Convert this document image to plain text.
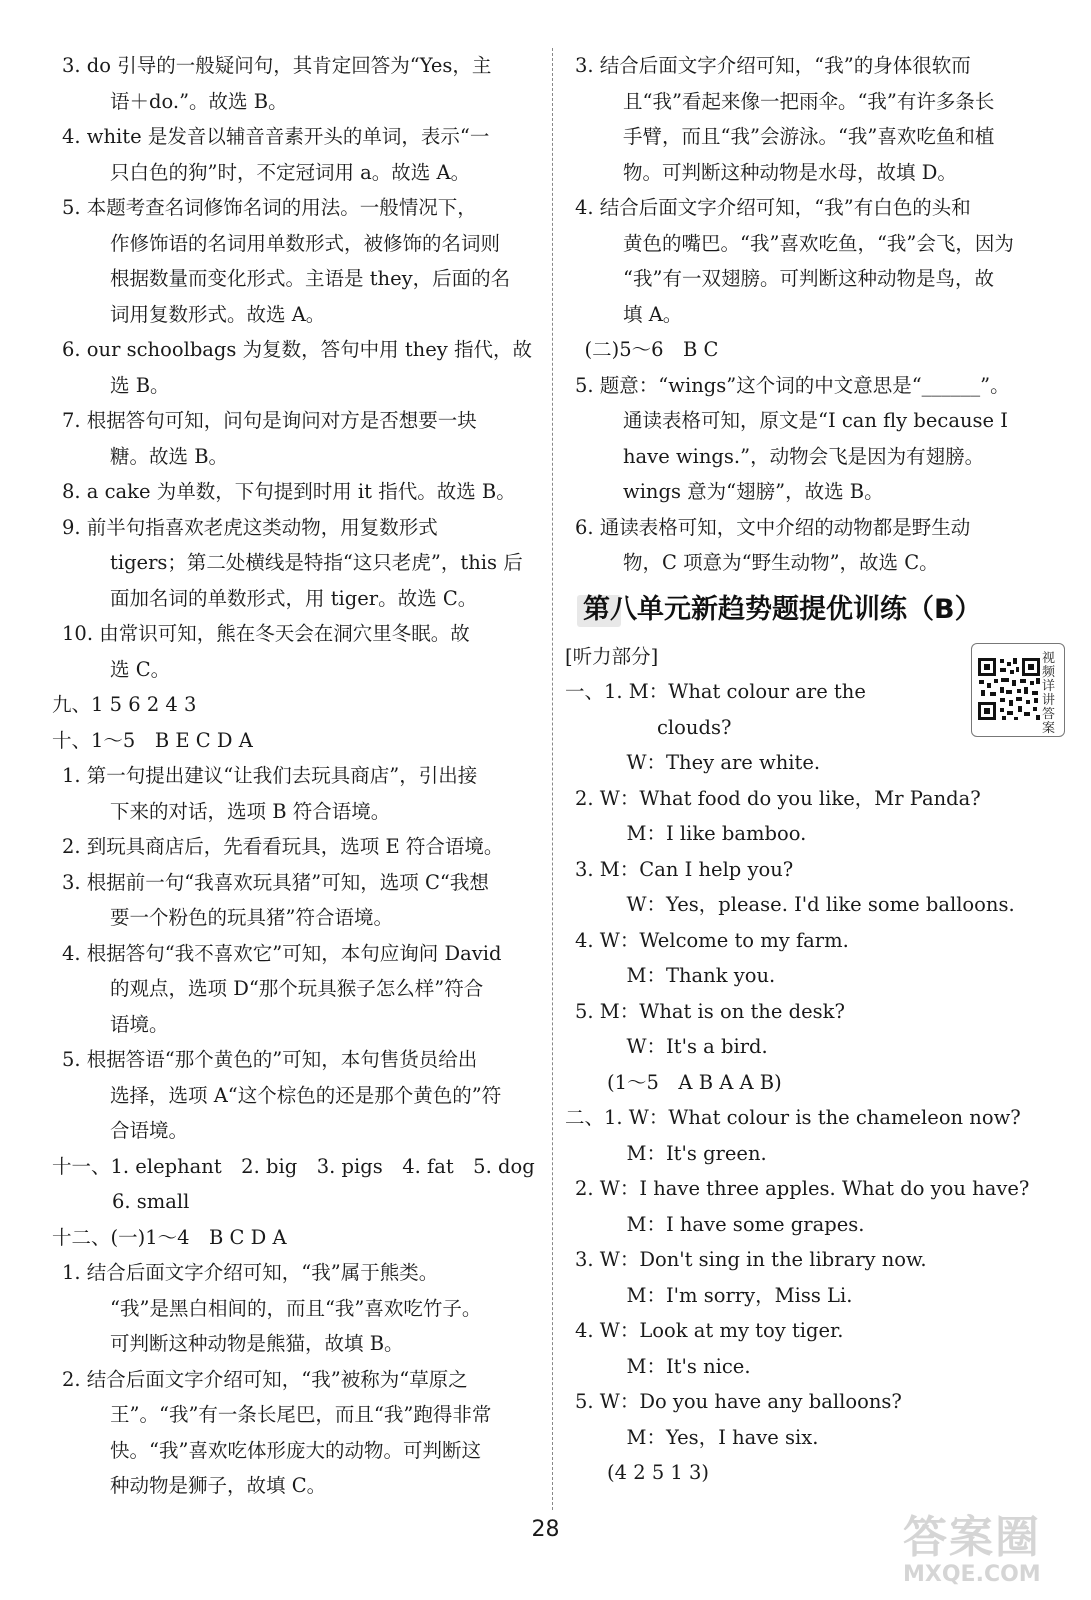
3. do 引导的一般疑问句，其肯定回答为“Yes，主
语＋do.”。故选 B。
4. white 是发音以辅音音素开头的单词，表示“一
只白色的狗”时，不定冠词用 a。故选 A。
5. 本题考查名词修饰名词的用法。一般情况下，
作修饰语的名词用单数形式，被修饰的名词则
根据数量而变化形式。主语是 they，后面的名
词用复数形式。故选 A。
6. our schoolbags 为复数，答句中用 they 指代，故
选 B。
7. 根据答句可知，问句是询问对方是否想要一块
糖。故选 B。
8. a cake 为单数，下句提到时用 it 指代。故选 B。
9. 前半句指喜欢老虎这类动物，用复数形式
tigers；第二处横线是特指“这只老虎”，this 后
面加名词的单数形式，用 tiger。故选 C。
10. 由常识可知，熊在冬天会在洞穴里冬眠。故
选 C。
九、1 5 6 2 4 3
十、1～5　B E C D A
1. 第一句提出建议“让我们去玩具商店”，引出接
下来的对话，选项 B 符合语境。
2. 到玩具商店后，先看看玩具，选项 E 符合语境。
3. 根据前一句“我喜欢玩具猪”可知，选项 C“我想
要一个粉色的玩具猪”符合语境。
4. 根据答句“我不喜欢它”可知，本句应询问 David
的观点，选项 D“那个玩具猴子怎么样”符合
语境。
5. 根据答语“那个黄色的”可知，本句售货员给出
选择，选项 A“这个棕色的还是那个黄色的”符
合语境。
十一、1. elephant　2. big　3. pigs　4. fat　5. dog
6. small
十二、(一)1～4　B C D A
1. 结合后面文字介绍可知，“我”属于熊类。
“我”是黑白相间的，而且“我”喜欢吃竹子。
可判断这种动物是熊猫，故填 B。
2. 结合后面文字介绍可知，“我”被称为“草原之
王”。“我”有一条长尾巴，而且“我”跑得非常
快。“我”喜欢吃体形庞大的动物。可判断这
种动物是狮子，故填 C。
3. 结合后面文字介绍可知，“我”的身体很软而
且“我”看起来像一把雨伞。“我”有许多条长
手臂，而且“我”会游泳。“我”喜欢吃鱼和植
物。可判断这种动物是水母，故填 D。
4. 结合后面文字介绍可知，“我”有白色的头和
黄色的嘴巴。“我”喜欢吃鱼，“我”会飞，因为
“我”有一双翅膀。可判断这种动物是鸟，故
填 A。
　(二)5～6　B C
5. 题意：“wings”这个词的中文意思是“______”。
通读表格可知，原文是“I can fly because I
have wings.”，动物会飞是因为有翅膀。
wings 意为“翅膀”，故选 B。
6. 通读表格可知，文中介绍的动物都是野生动
物，C 项意为“野生动物”，故选 C。
第八单元新趋势题提优训练（B）
[听力部分]	视频详讲答案
一、1. M：What colour are the
clouds?
　W：They are white.
2. W：What food do you like，Mr Panda?
　M：I like bamboo.
3. M：Can I help you?
　W：Yes，please. I'd like some balloons.
4. W：Welcome to my farm.
　M：Thank you.
5. M：What is on the desk?
　W：It's a bird.
(1～5　A B A A B)
二、1. W：What colour is the chameleon now?
　M：It's green.
2. W：I have three apples. What do you have?
　M：I have some grapes.
3. W：Don't sing in the library now.
　M：I'm sorry，Miss Li.
4. W：Look at my toy tiger.
　M：It's nice.
5. W：Do you have any balloons?
　M：Yes，I have six.
(4 2 5 1 3)
28	答案圈
MXQE.COM
